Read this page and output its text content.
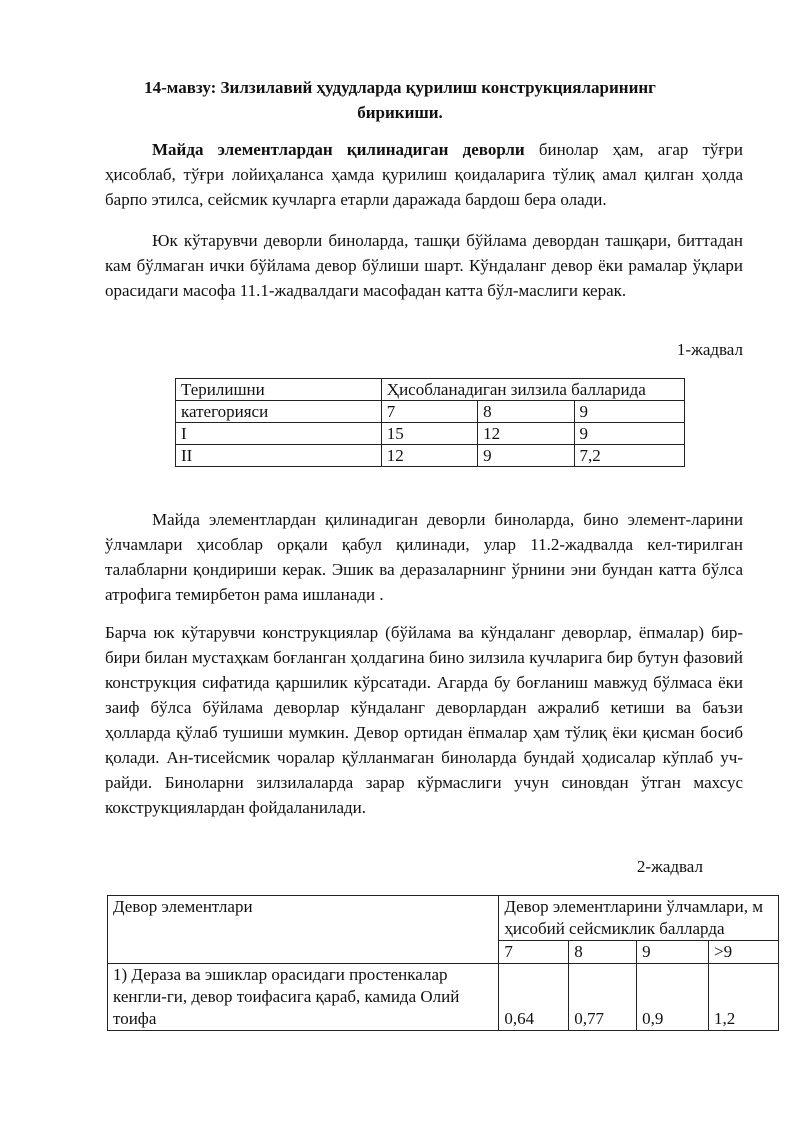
14-мавзу: Зилзилавий ҳудудларда қурилиш конструкцияларининг бирикиши.

Майда элементлардан қилинадиган деворли бинолар ҳам, агар тўғри ҳисоблаб, тўғри лойиҳаланса ҳамда қурилиш қоидаларига тўлиқ амал қилган ҳолда барпо этилса, сейсмик кучларга етарли даражада бардош бера олади.

Юк кўтарувчи деворли биноларда, ташқи бўйлама девордан ташқари, биттадан кам бўлмаган ички бўйлама девор бўлиши шарт. Кўндаланг девор ёки рамалар ўқлари орасидаги масофа 11.1-жадвалдаги масофадан катта бўл-маслиги керак.

1-жадвал
Терилишни	Ҳисобланадиган зилзила балларида		
категорияси	7	8	9
I	15	12	9
II	12	9	7,2

Майда элементлардан қилинадиган деворли биноларда, бино элемент-ларини ўлчамлари ҳисоблар орқали қабул қилинади, улар 11.2-жадвалда кел-тирилган талабларни қондириши керак. Эшик ва деразаларнинг ўрнини эни бундан катта бўлса атрофига темирбетон рама ишланади .

Барча юк кўтарувчи конструкциялар (бўйлама ва кўндаланг деворлар, ёпмалар) бир-бири билан мустаҳкам боғланган ҳолдагина бино зилзила кучларига бир бутун фазовий конструкция сифатида қаршилик кўрсатади. Агарда бу боғланиш мавжуд бўлмаса ёки заиф бўлса бўйлама деворлар кўндаланг деворлардан ажралиб кетиши ва баъзи ҳолларда қўлаб тушиши мумкин. Девор ортидан ёпмалар ҳам тўлиқ ёки қисман босиб қолади. Ан-тисейсмик чоралар қўлланмаган биноларда бундай ҳодисалар кўплаб уч-райди. Биноларни зилзилаларда зарар кўрмаслиги учун синовдан ўтган махсус кокструкциялардан фойдаланилади.

2-жадвал
Девор элементлари	Девор элементларини ўлчамлари, м ҳисобий сейсмиклик балларда			
	7	8	9	>9
1) Дераза ва эшиклар орасидаги простенкалар кенгли-ги, девор тоифасига қараб, камида Олий тоифа	0,64	0,77	0,9	1,2
